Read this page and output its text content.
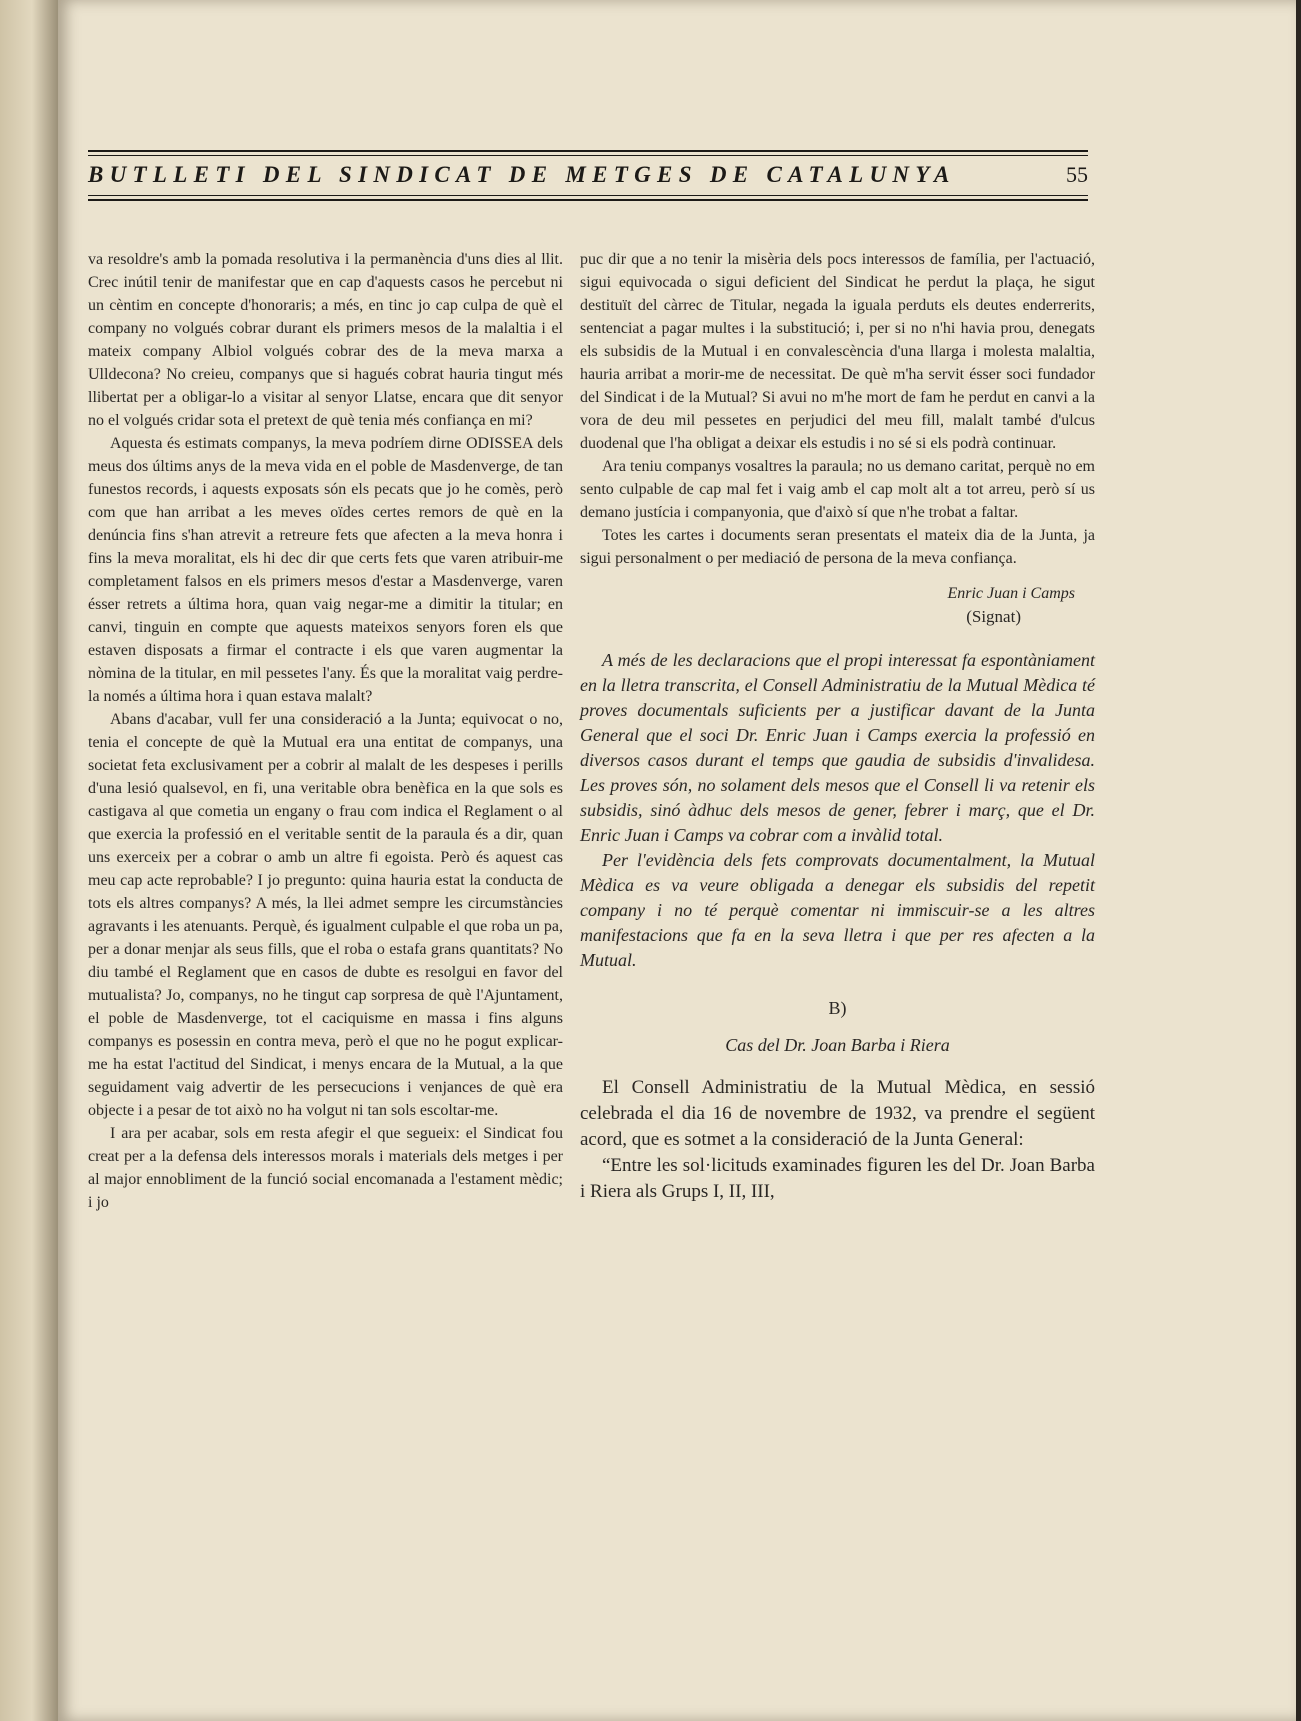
BUTLLETI DEL SINDICAT DE METGES DE CATALUNYA	55

va resoldre's amb la pomada resolutiva i la permanència d'uns dies al llit. Crec inútil tenir de manifestar que en cap d'aquests casos he percebut ni un cèntim en concepte d'honoraris; a més, en tinc jo cap culpa de què el company no volgués cobrar durant els primers mesos de la malaltia i el mateix company Albiol volgués cobrar des de la meva marxa a Ulldecona? No creieu, companys que si hagués cobrat hauria tingut més llibertat per a obligar-lo a visitar al senyor Llatse, encara que dit senyor no el volgués cridar sota el pretext de què tenia més confiança en mi?

Aquesta és estimats companys, la meva podríem dirne ODISSEA dels meus dos últims anys de la meva vida en el poble de Masdenverge, de tan funestos records, i aquests exposats són els pecats que jo he comès, però com que han arribat a les meves oïdes certes remors de què en la denúncia fins s'han atrevit a retreure fets que afecten a la meva honra i fins la meva moralitat, els hi dec dir que certs fets que varen atribuir-me completament falsos en els primers mesos d'estar a Masdenverge, varen ésser retrets a última hora, quan vaig negar-me a dimitir la titular; en canvi, tinguin en compte que aquests mateixos senyors foren els que estaven disposats a firmar el contracte i els que varen augmentar la nòmina de la titular, en mil pessetes l'any. És que la moralitat vaig perdre-la només a última hora i quan estava malalt?

Abans d'acabar, vull fer una consideració a la Junta; equivocat o no, tenia el concepte de què la Mutual era una entitat de companys, una societat feta exclusivament per a cobrir al malalt de les despeses i perills d'una lesió qualsevol, en fi, una veritable obra benèfica en la que sols es castigava al que cometia un engany o frau com indica el Reglament o al que exercia la professió en el veritable sentit de la paraula és a dir, quan uns exerceix per a cobrar o amb un altre fi egoista. Però és aquest cas meu cap acte reprobable? I jo pregunto: quina hauria estat la conducta de tots els altres companys? A més, la llei admet sempre les circumstàncies agravants i les atenuants. Perquè, és igualment culpable el que roba un pa, per a donar menjar als seus fills, que el roba o estafa grans quantitats? No diu també el Reglament que en casos de dubte es resolgui en favor del mutualista? Jo, companys, no he tingut cap sorpresa de què l'Ajuntament, el poble de Masdenverge, tot el caciquisme en massa i fins alguns companys es posessin en contra meva, però el que no he pogut explicar-me ha estat l'actitud del Sindicat, i menys encara de la Mutual, a la que seguidament vaig advertir de les persecucions i venjances de què era objecte i a pesar de tot això no ha volgut ni tan sols escoltar-me.

I ara per acabar, sols em resta afegir el que segueix: el Sindicat fou creat per a la defensa dels interessos morals i materials dels metges i per al major ennobliment de la funció social encomanada a l'estament mèdic; i jo

puc dir que a no tenir la misèria dels pocs interessos de família, per l'actuació, sigui equivocada o sigui deficient del Sindicat he perdut la plaça, he sigut destituït del càrrec de Titular, negada la iguala perduts els deutes enderrerits, sentenciat a pagar multes i la substitució; i, per si no n'hi havia prou, denegats els subsidis de la Mutual i en convalescència d'una llarga i molesta malaltia, hauria arribat a morir-me de necessitat. De què m'ha servit ésser soci fundador del Sindicat i de la Mutual? Si avui no m'he mort de fam he perdut en canvi a la vora de deu mil pessetes en perjudici del meu fill, malalt també d'ulcus duodenal que l'ha obligat a deixar els estudis i no sé si els podrà continuar.

Ara teniu companys vosaltres la paraula; no us demano caritat, perquè no em sento culpable de cap mal fet i vaig amb el cap molt alt a tot arreu, però sí us demano justícia i companyonia, que d'això sí que n'he trobat a faltar.

Totes les cartes i documents seran presentats el mateix dia de la Junta, ja sigui personalment o per mediació de persona de la meva confiança.

Enric Juan i Camps
(Signat)

A més de les declaracions que el propi interessat fa espontàniament en la lletra transcrita, el Consell Administratiu de la Mutual Mèdica té proves documentals suficients per a justificar davant de la Junta General que el soci Dr. Enric Juan i Camps exercia la professió en diversos casos durant el temps que gaudia de subsidis d'invalidesa. Les proves són, no solament dels mesos que el Consell li va retenir els subsidis, sinó àdhuc dels mesos de gener, febrer i març, que el Dr. Enric Juan i Camps va cobrar com a invàlid total.

Per l'evidència dels fets comprovats documentalment, la Mutual Mèdica es va veure obligada a denegar els subsidis del repetit company i no té perquè comentar ni immiscuir-se a les altres manifestacions que fa en la seva lletra i que per res afecten a la Mutual.

B)
Cas del Dr. Joan Barba i Riera

El Consell Administratiu de la Mutual Mèdica, en sessió celebrada el dia 16 de novembre de 1932, va prendre el següent acord, que es sotmet a la consideració de la Junta General:

“Entre les sol·licituds examinades figuren les del Dr. Joan Barba i Riera als Grups I, II, III,
